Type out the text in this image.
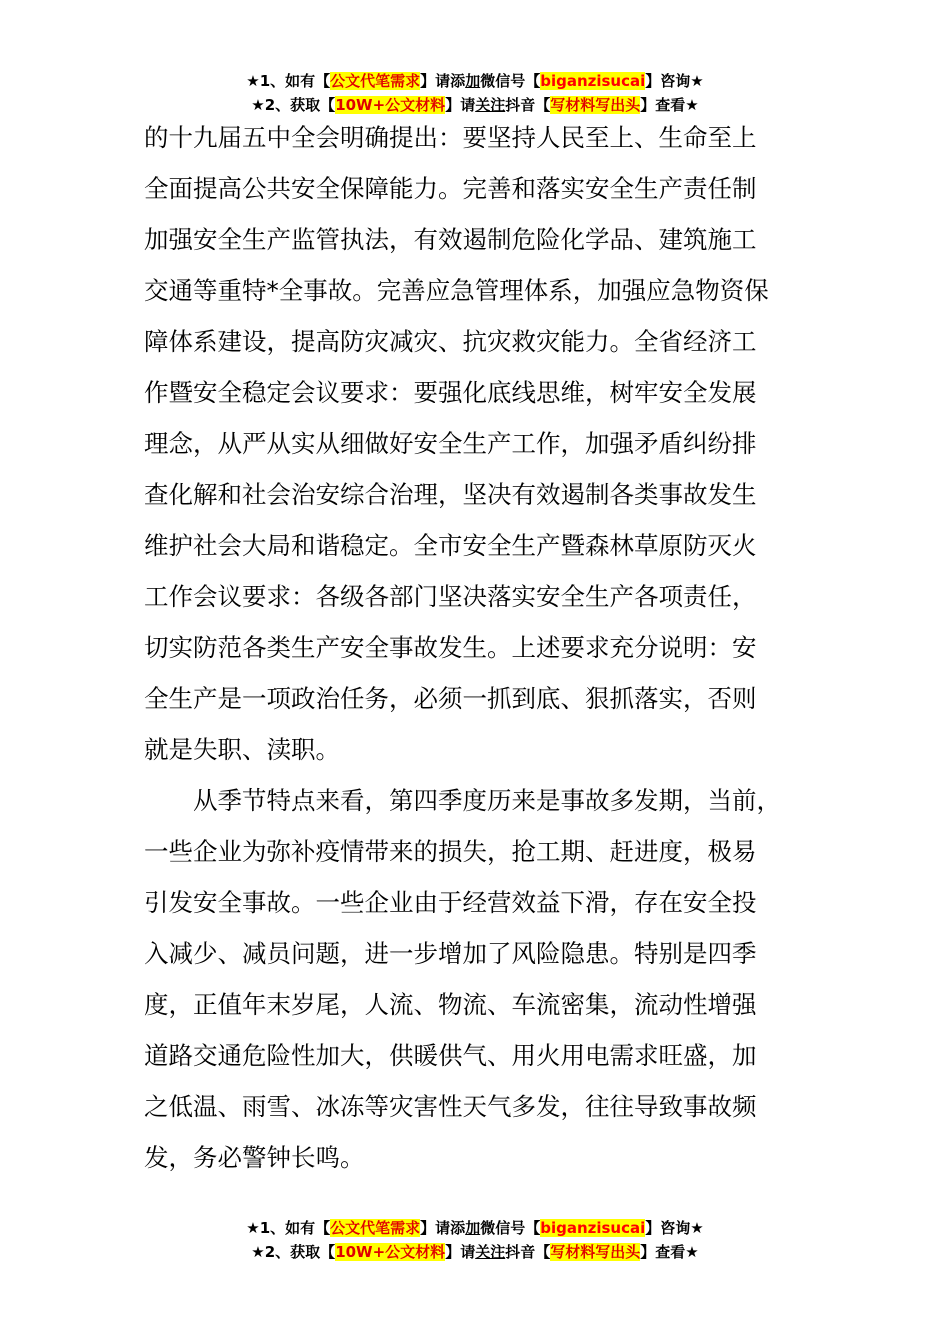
★1、如有【公文代笔需求】请添加微信号【biganzisucai】咨询★
★2、获取【10W+公文材料】请关注抖音【写材料写出头】查看★
的十九届五中全会明确提出：要坚持人民至上、生命至上
全面提高公共安全保障能力。完善和落实安全生产责任制
加强安全生产监管执法，有效遏制危险化学品、建筑施工
交通等重特*全事故。完善应急管理体系，加强应急物资保
障体系建设，提高防灾减灾、抗灾救灾能力。全省经济工
作暨安全稳定会议要求：要强化底线思维，树牢安全发展
理念，从严从实从细做好安全生产工作，加强矛盾纠纷排
查化解和社会治安综合治理，坚决有效遏制各类事故发生
维护社会大局和谐稳定。全市安全生产暨森林草原防灭火
工作会议要求：各级各部门坚决落实安全生产各项责任，
切实防范各类生产安全事故发生。上述要求充分说明：安
全生产是一项政治任务，必须一抓到底、狠抓落实，否则
就是失职、渎职。
从季节特点来看，第四季度历来是事故多发期，当前，
一些企业为弥补疫情带来的损失，抢工期、赶进度，极易
引发安全事故。一些企业由于经营效益下滑，存在安全投
入减少、减员问题，进一步增加了风险隐患。特别是四季
度，正值年末岁尾，人流、物流、车流密集，流动性增强
道路交通危险性加大，供暖供气、用火用电需求旺盛，加
之低温、雨雪、冰冻等灾害性天气多发，往往导致事故频
发，务必警钟长鸣。
★1、如有【公文代笔需求】请添加微信号【biganzisucai】咨询★
★2、获取【10W+公文材料】请关注抖音【写材料写出头】查看★
